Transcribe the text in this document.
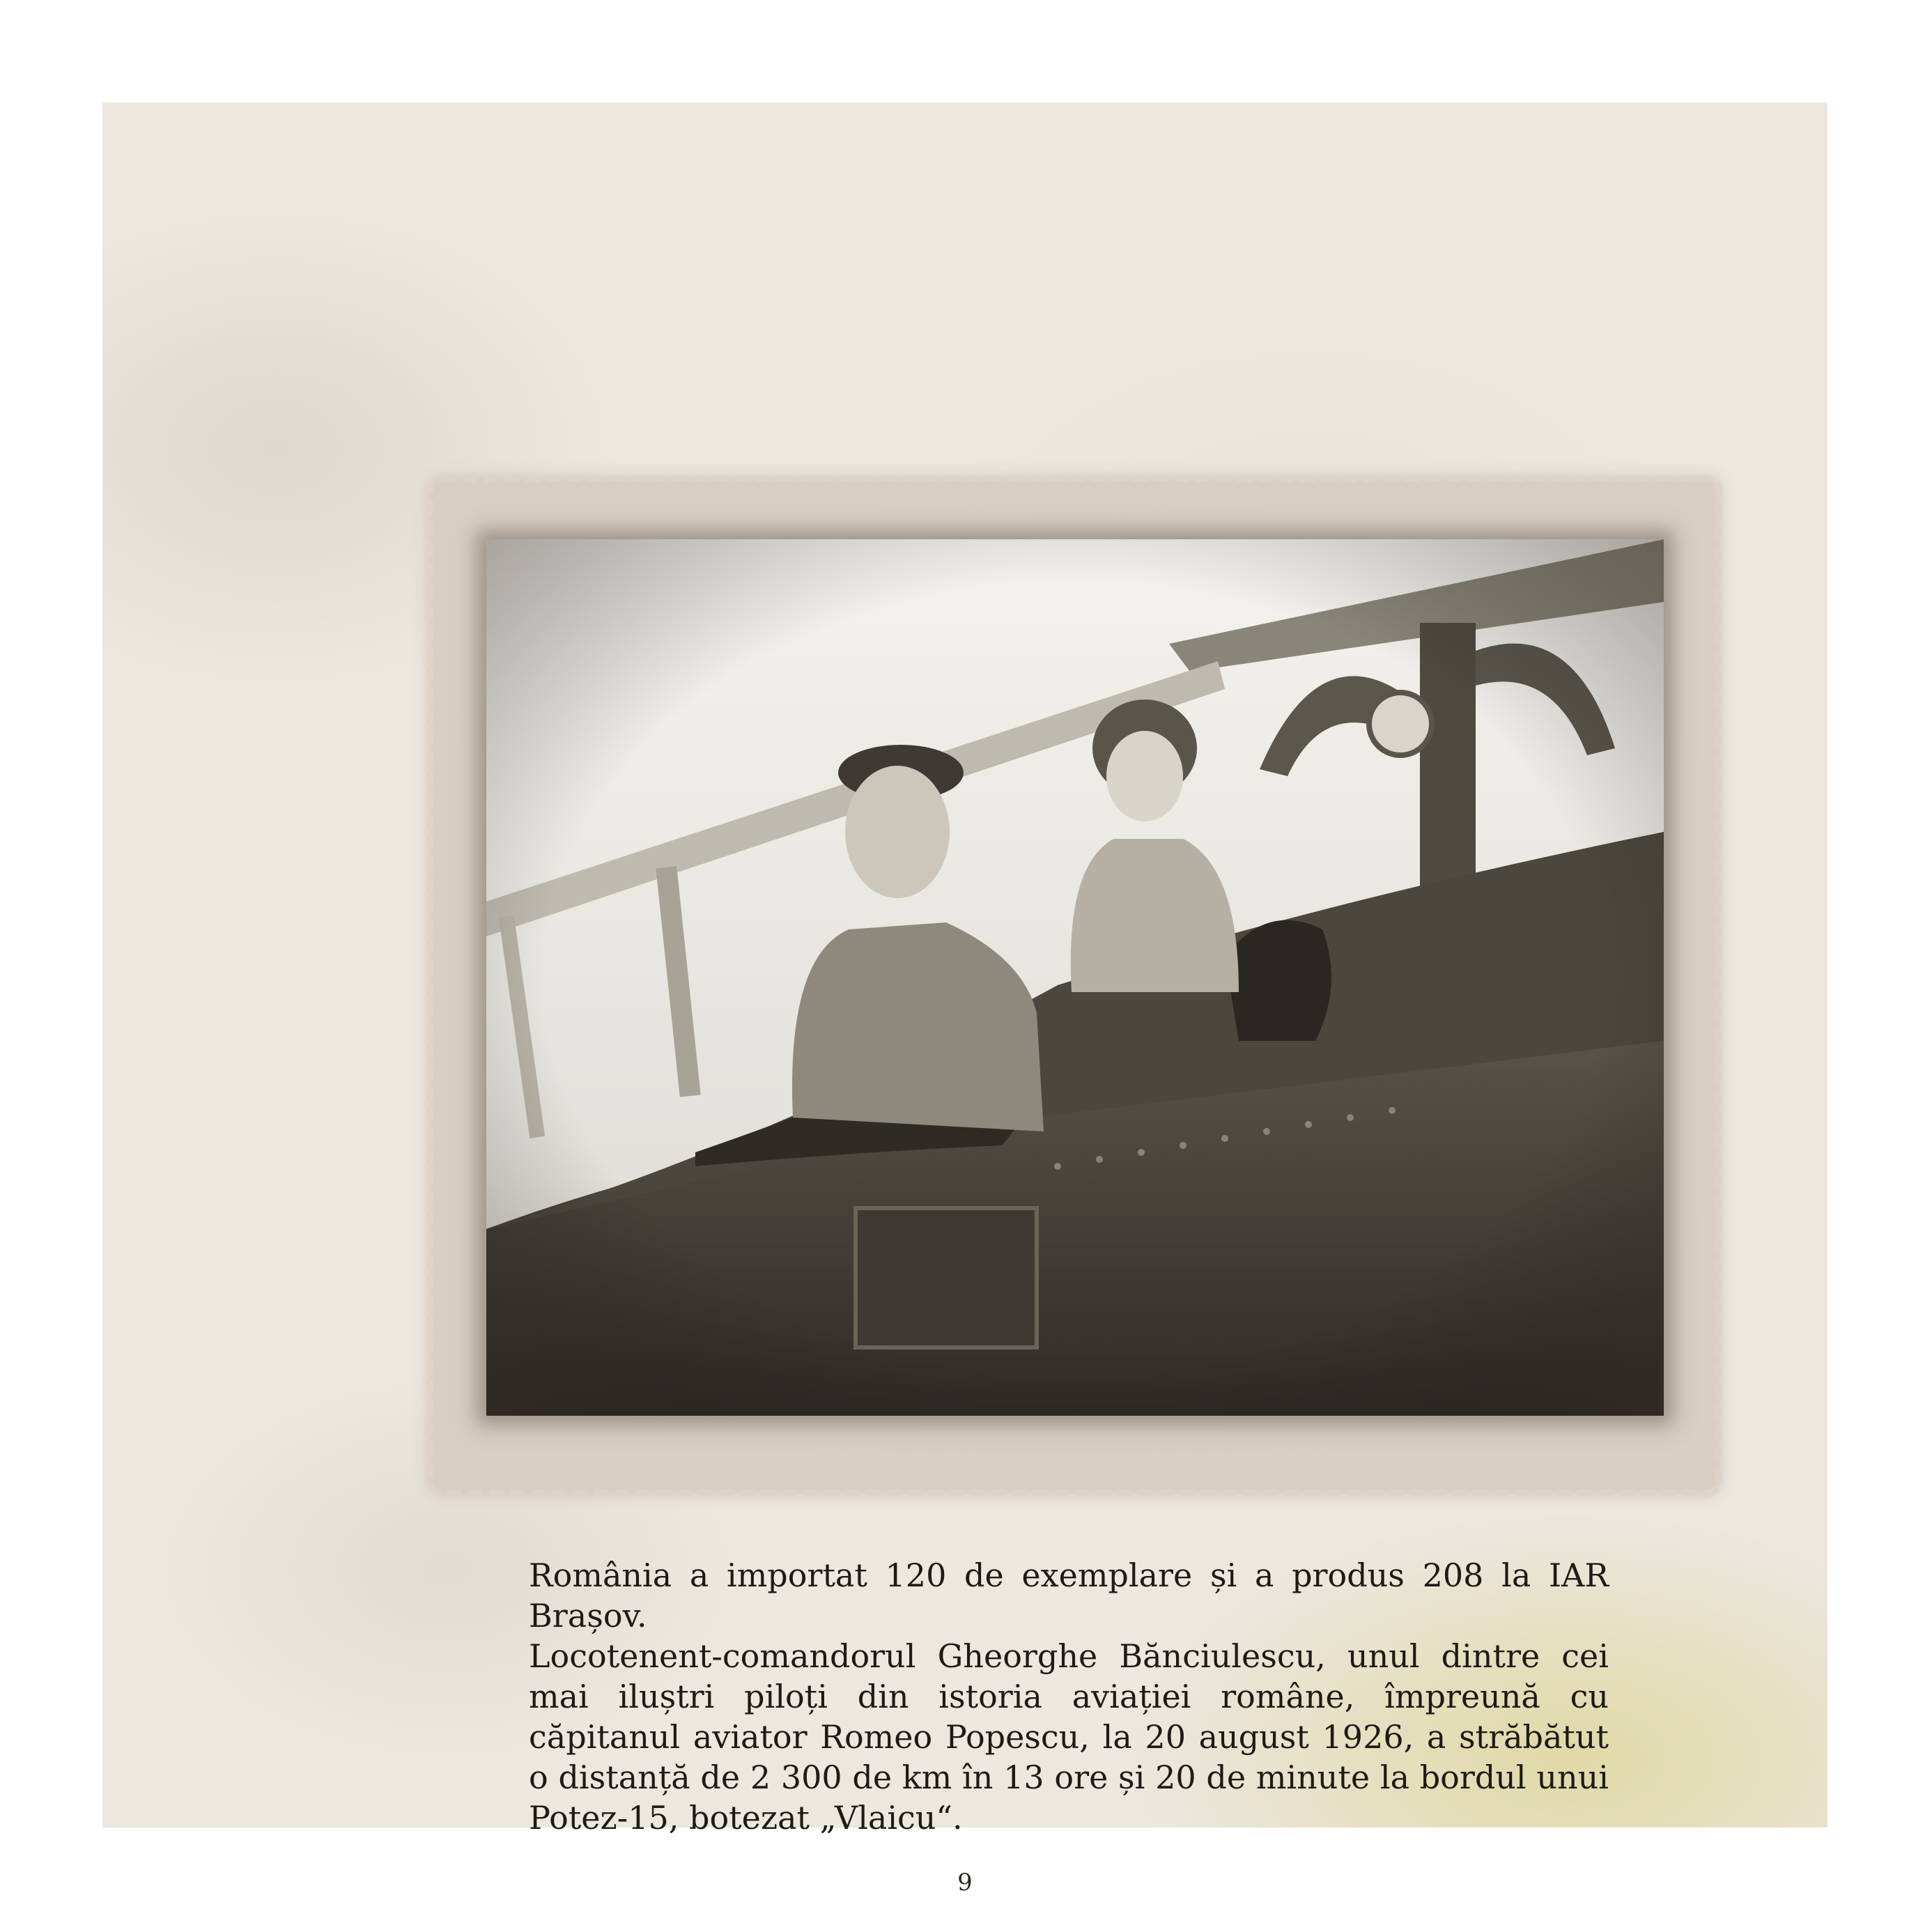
România a importat 120 de exemplare și a produs 208 la IAR Brașov.

Locotenent-comandorul Gheorghe Bănciulescu, unul dintre cei mai iluștri piloți din istoria aviației române, împreună cu căpitanul aviator Romeo Popescu, la 20 august 1926, a străbătut o distanță de 2 300 de km în 13 ore și 20 de minute la bordul unui Potez-15, botezat „Vlaicu“.

9
